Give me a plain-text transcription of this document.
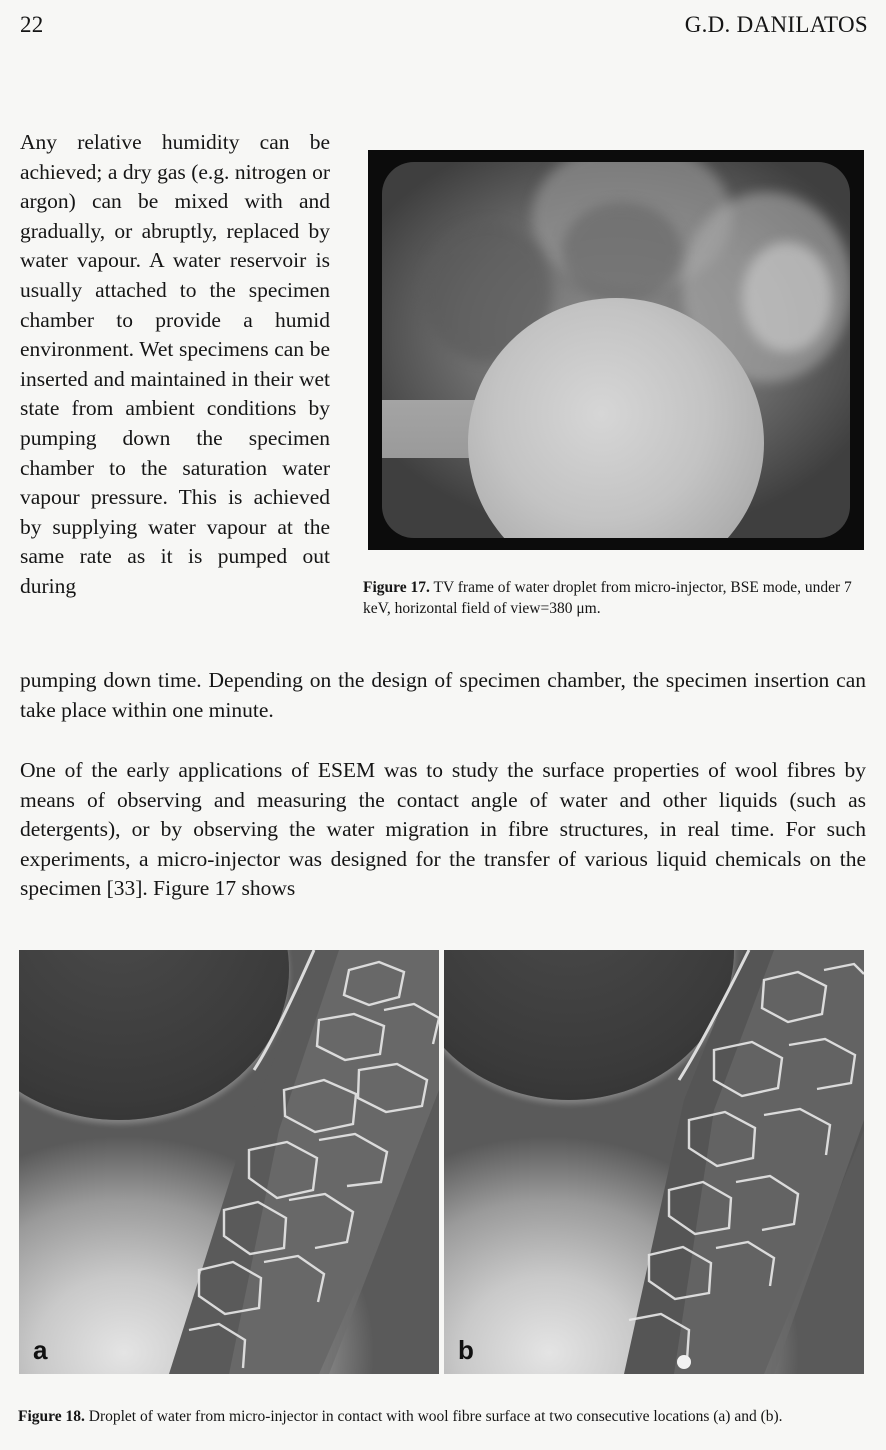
22	G.D. DANILATOS

Any relative humidity can be achieved; a dry gas (e.g. nitrogen or argon) can be mixed with and gradually, or abruptly, replaced by water vapour. A water reservoir is usually attached to the specimen chamber to provide a humid environment. Wet specimens can be inserted and maintained in their wet state from ambient conditions by pumping down the specimen chamber to the saturation water vapour pressure. This is achieved by supplying water vapour at the same rate as it is pumped out during	Figure 17. TV frame of water droplet from micro-injector, BSE mode, under 7 keV, horizontal field of view=380 μm.

pumping down time. Depending on the design of specimen chamber, the specimen insertion can take place within one minute.

One of the early applications of ESEM was to study the surface properties of wool fibres by means of observing and measuring the contact angle of water and other liquids (such as detergents), or by observing the water migration in fibre structures, in real time. For such experiments, a micro-injector was designed for the transfer of various liquid chemicals on the specimen [33]. Figure 17 shows

a	b
Figure 18. Droplet of water from micro-injector in contact with wool fibre surface at two consecutive locations (a) and (b).
